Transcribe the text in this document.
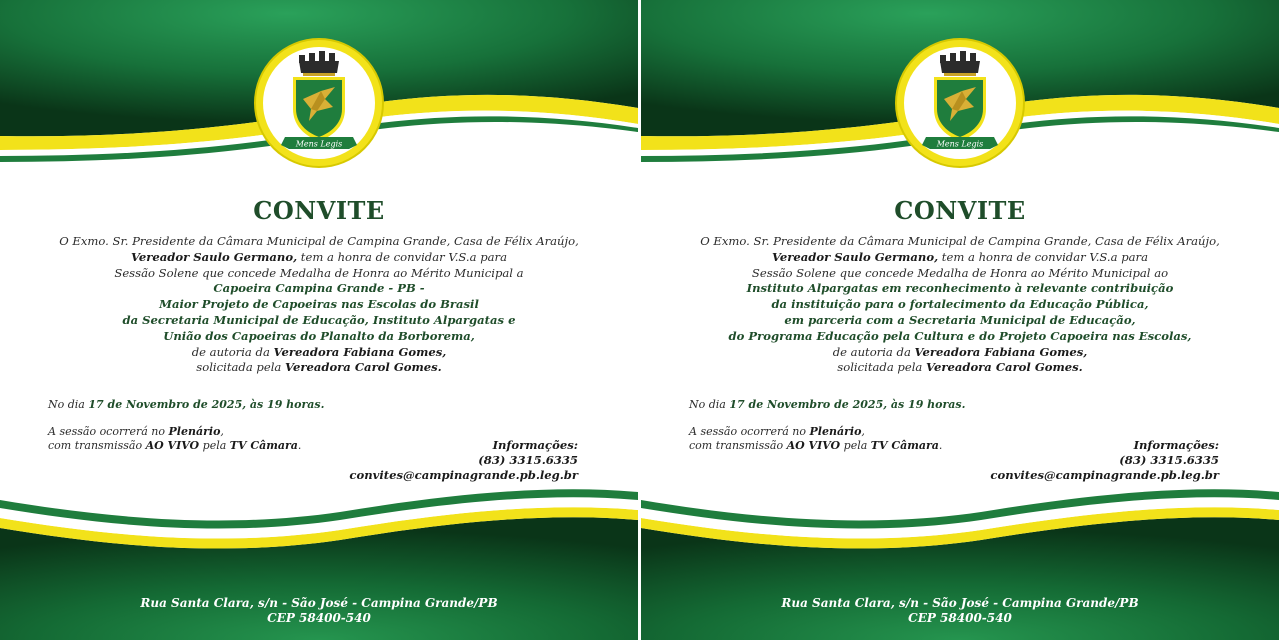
Mens Legis
CONVITE
O Exmo. Sr. Presidente da Câmara Municipal de Campina Grande, Casa de Félix Araújo,
Vereador Saulo Germano, tem a honra de convidar V.S.a para
Sessão Solene que concede Medalha de Honra ao Mérito Municipal a
Capoeira Campina Grande - PB -
Maior Projeto de Capoeiras nas Escolas do Brasil
da Secretaria Municipal de Educação, Instituto Alpargatas e
União dos Capoeiras do Planalto da Borborema,
de autoria da Vereadora Fabiana Gomes,
solicitada pela Vereadora Carol Gomes.
No dia 17 de Novembro de 2025, às 19 horas.
A sessão ocorrerá no Plenário,
com transmissão AO VIVO pela TV Câmara.	Informações:
(83) 3315.6335
convites@campinagrande.pb.leg.br
Rua Santa Clara, s/n - São José - Campina Grande/PB
CEP 58400-540
Mens Legis
CONVITE
O Exmo. Sr. Presidente da Câmara Municipal de Campina Grande, Casa de Félix Araújo,
Vereador Saulo Germano, tem a honra de convidar V.S.a para
Sessão Solene que concede Medalha de Honra ao Mérito Municipal ao
Instituto Alpargatas em reconhecimento à relevante contribuição
da instituição para o fortalecimento da Educação Pública,
em parceria com a Secretaria Municipal de Educação,
do Programa Educação pela Cultura e do Projeto Capoeira nas Escolas,
de autoria da Vereadora Fabiana Gomes,
solicitada pela Vereadora Carol Gomes.
No dia 17 de Novembro de 2025, às 19 horas.
A sessão ocorrerá no Plenário,
com transmissão AO VIVO pela TV Câmara.	Informações:
(83) 3315.6335
convites@campinagrande.pb.leg.br
Rua Santa Clara, s/n - São José - Campina Grande/PB
CEP 58400-540
